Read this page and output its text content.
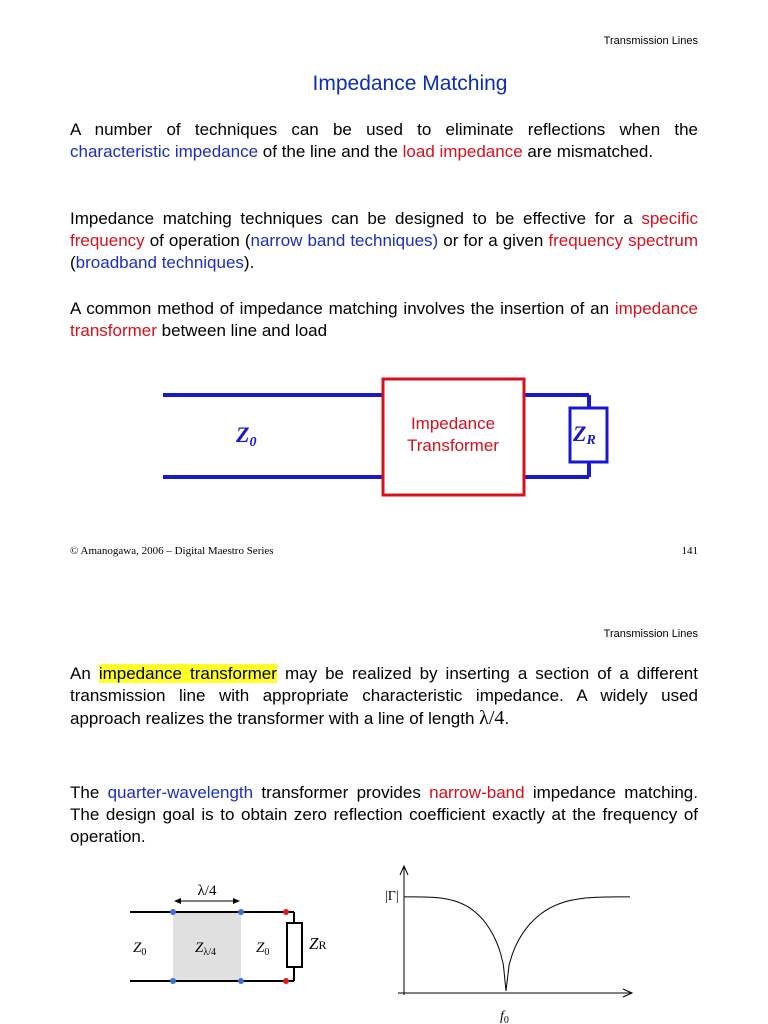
Transmission Lines
Impedance Matching
A number of techniques can be used to eliminate reflections when the characteristic impedance of the line and the load impedance are mismatched.
Impedance matching techniques can be designed to be effective for a specific frequency of operation (narrow band techniques) or for a given frequency spectrum (broadband techniques).
A common method of impedance matching involves the insertion of an impedance transformer between line and load
Impedance
Transformer
Z0	ZR
© Amanogawa, 2006 – Digital Maestro Series	141
Transmission Lines
An impedance transformer may be realized by inserting a section of a different transmission line with appropriate characteristic impedance. A widely used approach realizes the transformer with a line of length λ/4.
The quarter-wavelength transformer provides narrow-band impedance matching. The design goal is to obtain zero reflection coefficient exactly at the frequency of operation.
λ/4
$Z_0$	$Z_{\lambda/4}$	$Z_0$ ZR
|Γ|
$f_0$
